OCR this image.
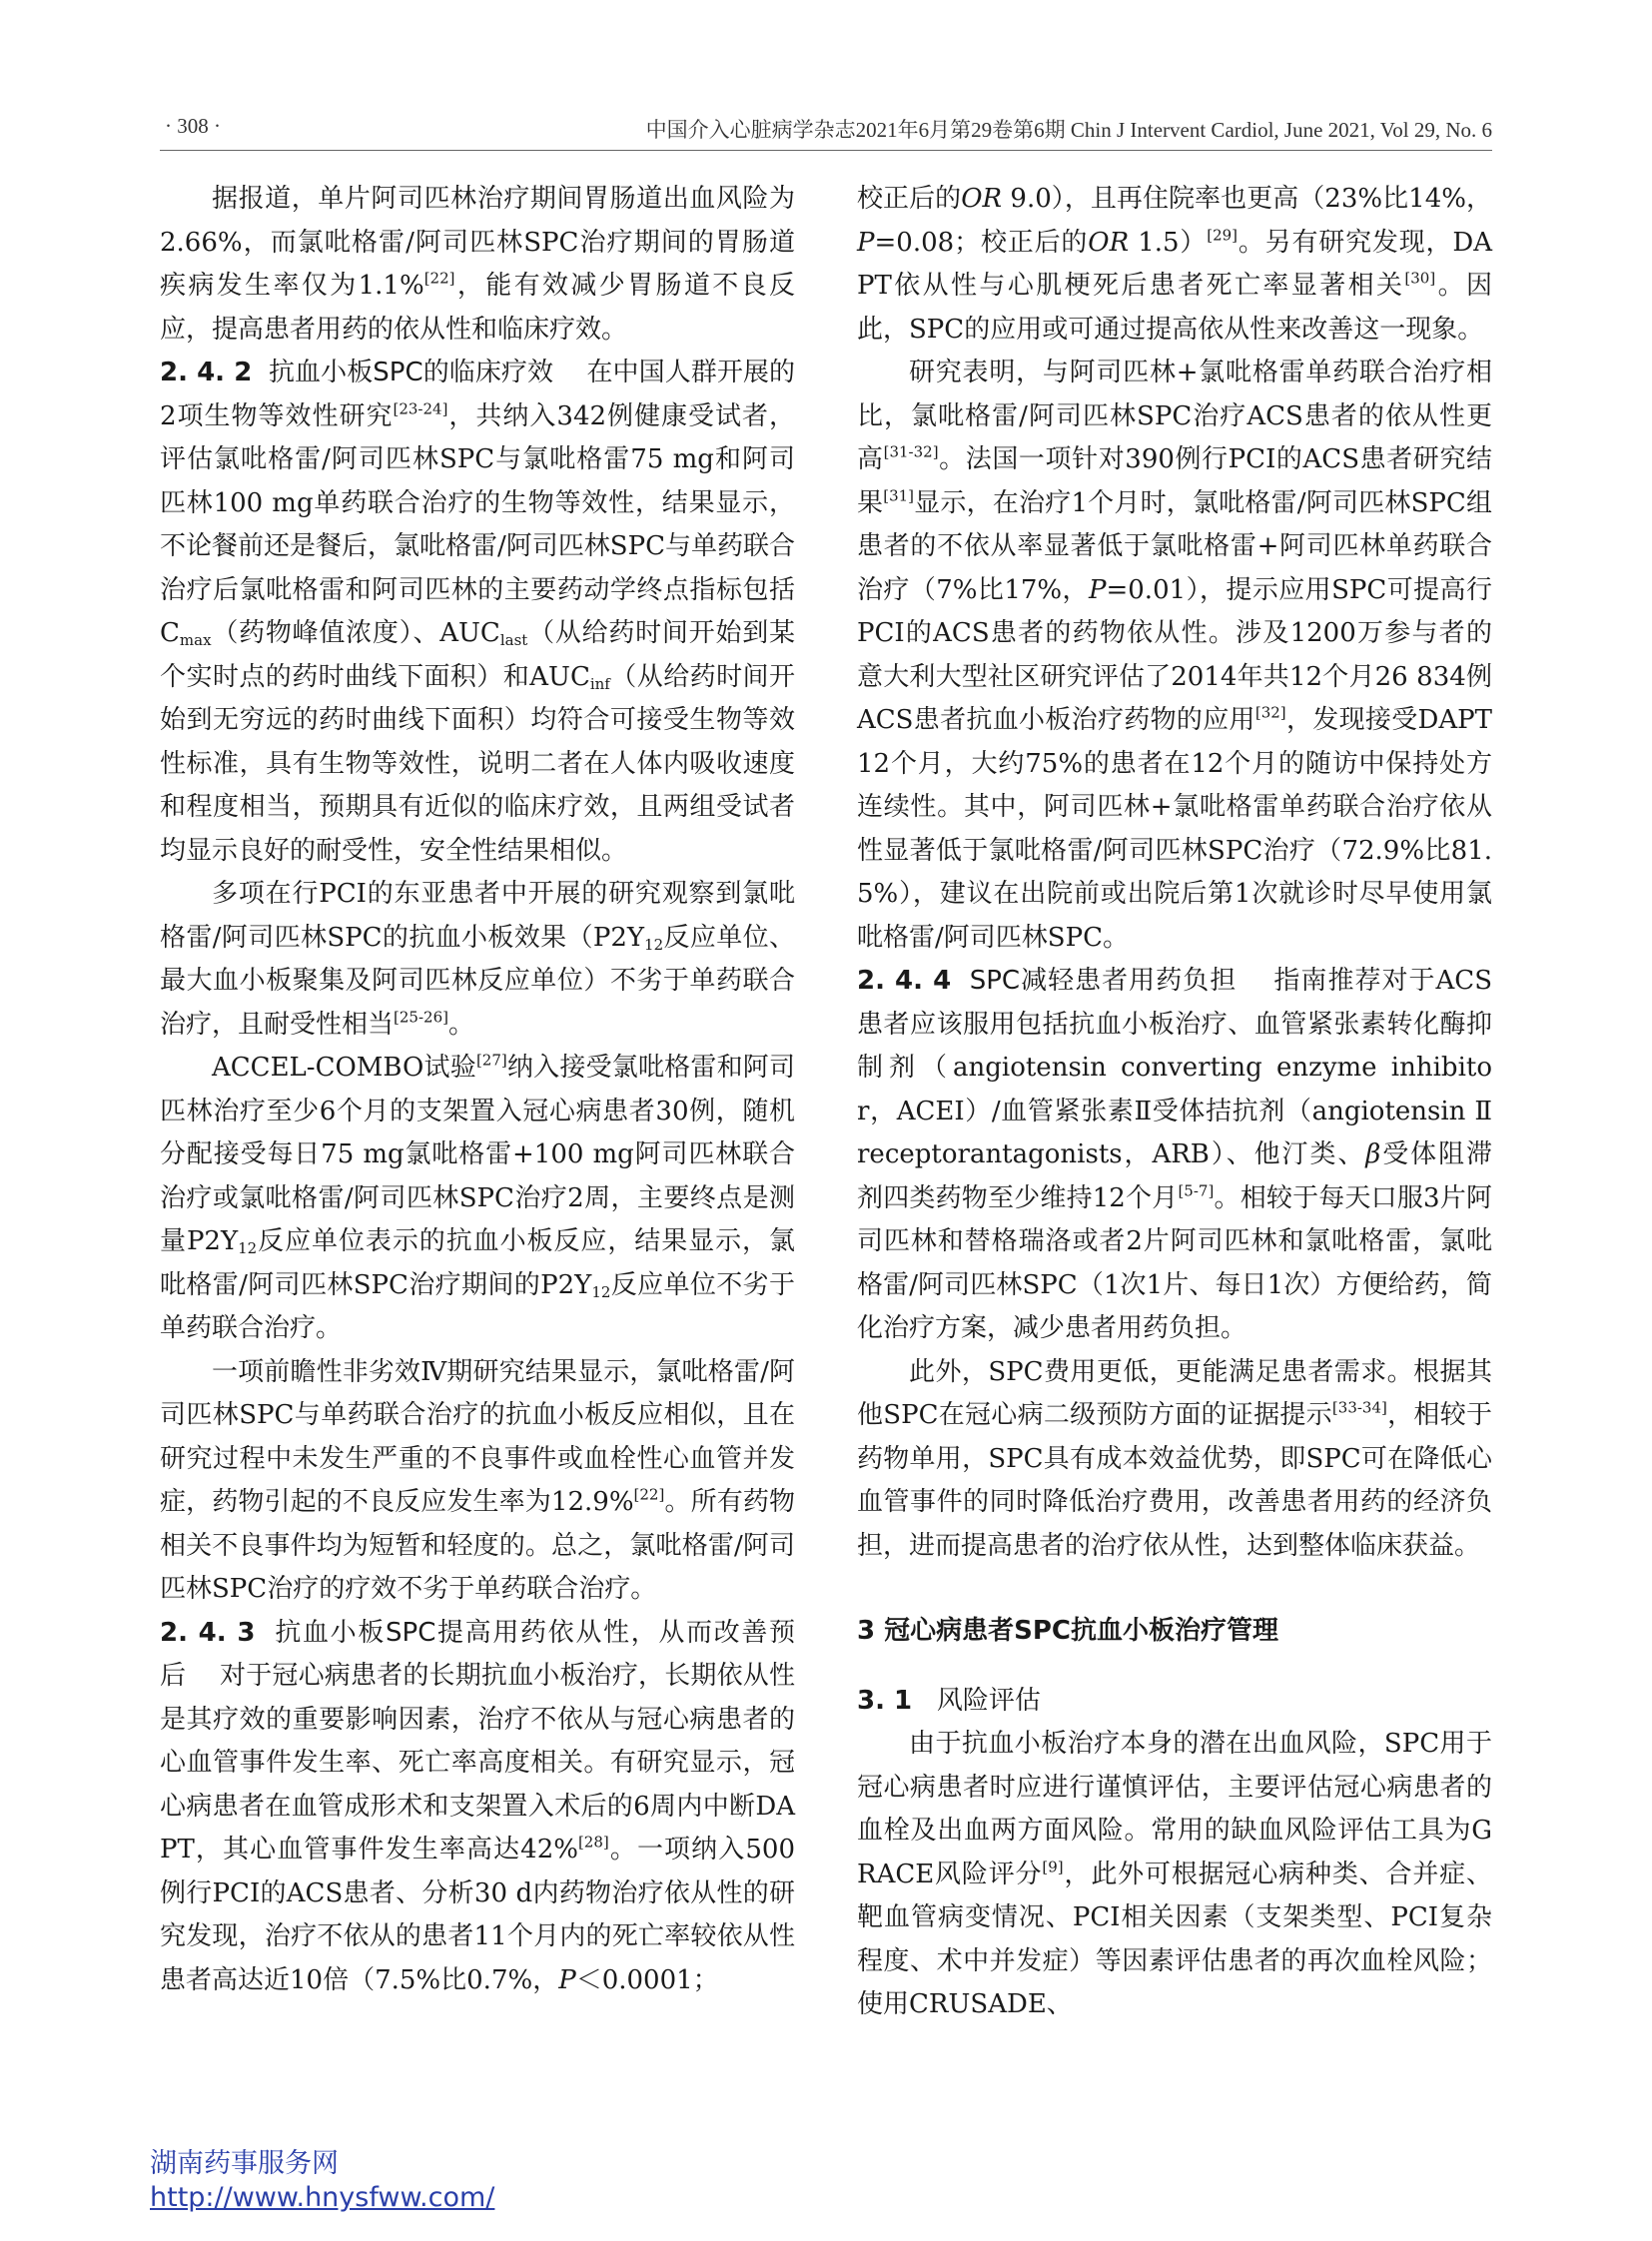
· 308 ·	中国介入心脏病学杂志2021年6月第29卷第6期 Chin J Intervent Cardiol, June 2021, Vol 29, No. 6

据报道，单片阿司匹林治疗期间胃肠道出血风险为2.66%，而氯吡格雷/阿司匹林SPC治疗期间的胃肠道疾病发生率仅为1.1%[22]，能有效减少胃肠道不良反应，提高患者用药的依从性和临床疗效。

2. 4. 2 抗血小板SPC的临床疗效 在中国人群开展的2项生物等效性研究[23-24]，共纳入342例健康受试者，评估氯吡格雷/阿司匹林SPC与氯吡格雷75 mg和阿司匹林100 mg单药联合治疗的生物等效性，结果显示，不论餐前还是餐后，氯吡格雷/阿司匹林SPC与单药联合治疗后氯吡格雷和阿司匹林的主要药动学终点指标包括$C_{max}$（药物峰值浓度）、$AUC_{last}$（从给药时间开始到某个实时点的药时曲线下面积）和$AUC_{inf}$（从给药时间开始到无穷远的药时曲线下面积）均符合可接受生物等效性标准，具有生物等效性，说明二者在人体内吸收速度和程度相当，预期具有近似的临床疗效，且两组受试者均显示良好的耐受性，安全性结果相似。

多项在行PCI的东亚患者中开展的研究观察到氯吡格雷/阿司匹林SPC的抗血小板效果（$P2Y_{12}$反应单位、最大血小板聚集及阿司匹林反应单位）不劣于单药联合治疗，且耐受性相当[25-26]。

ACCEL-COMBO试验[27]纳入接受氯吡格雷和阿司匹林治疗至少6个月的支架置入冠心病患者30例，随机分配接受每日75 mg氯吡格雷+100 mg阿司匹林联合治疗或氯吡格雷/阿司匹林SPC治疗2周，主要终点是测量$P2Y_{12}$反应单位表示的抗血小板反应，结果显示，氯吡格雷/阿司匹林SPC治疗期间的$P2Y_{12}$反应单位不劣于单药联合治疗。

一项前瞻性非劣效Ⅳ期研究结果显示，氯吡格雷/阿司匹林SPC与单药联合治疗的抗血小板反应相似，且在研究过程中未发生严重的不良事件或血栓性心血管并发症，药物引起的不良反应发生率为12.9%[22]。所有药物相关不良事件均为短暂和轻度的。总之，氯吡格雷/阿司匹林SPC治疗的疗效不劣于单药联合治疗。

2. 4. 3 抗血小板SPC提高用药依从性，从而改善预后 对于冠心病患者的长期抗血小板治疗，长期依从性是其疗效的重要影响因素，治疗不依从与冠心病患者的心血管事件发生率、死亡率高度相关。有研究显示，冠心病患者在血管成形术和支架置入术后的6周内中断DAPT，其心血管事件发生率高达42%[28]。一项纳入500例行PCI的ACS患者、分析30 d内药物治疗依从性的研究发现，治疗不依从的患者11个月内的死亡率较依从性患者高达近10倍（7.5%比0.7%，P＜0.0001；

校正后的OR 9.0），且再住院率也更高（23%比14%，P=0.08；校正后的OR 1.5）[29]。另有研究发现，DAPT依从性与心肌梗死后患者死亡率显著相关[30]。因此，SPC的应用或可通过提高依从性来改善这一现象。

研究表明，与阿司匹林+氯吡格雷单药联合治疗相比，氯吡格雷/阿司匹林SPC治疗ACS患者的依从性更高[31-32]。法国一项针对390例行PCI的ACS患者研究结果[31]显示，在治疗1个月时，氯吡格雷/阿司匹林SPC组患者的不依从率显著低于氯吡格雷+阿司匹林单药联合治疗（7%比17%，P=0.01），提示应用SPC可提高行PCI的ACS患者的药物依从性。涉及1200万参与者的意大利大型社区研究评估了2014年共12个月26 834例ACS患者抗血小板治疗药物的应用[32]，发现接受DAPT 12个月，大约75%的患者在12个月的随访中保持处方连续性。其中，阿司匹林+氯吡格雷单药联合治疗依从性显著低于氯吡格雷/阿司匹林SPC治疗（72.9%比81.5%），建议在出院前或出院后第1次就诊时尽早使用氯吡格雷/阿司匹林SPC。

2. 4. 4 SPC减轻患者用药负担 指南推荐对于ACS患者应该服用包括抗血小板治疗、血管紧张素转化酶抑制剂（angiotensin converting enzyme inhibitor，ACEI）/血管紧张素Ⅱ受体拮抗剂（angiotensin Ⅱ receptorantagonists，ARB）、他汀类、β受体阻滞剂四类药物至少维持12个月[5-7]。相较于每天口服3片阿司匹林和替格瑞洛或者2片阿司匹林和氯吡格雷，氯吡格雷/阿司匹林SPC（1次1片、每日1次）方便给药，简化治疗方案，减少患者用药负担。

此外，SPC费用更低，更能满足患者需求。根据其他SPC在冠心病二级预防方面的证据提示[33-34]，相较于药物单用，SPC具有成本效益优势，即SPC可在降低心血管事件的同时降低治疗费用，改善患者用药的经济负担，进而提高患者的治疗依从性，达到整体临床获益。

3 冠心病患者SPC抗血小板治疗管理

3. 1 风险评估

由于抗血小板治疗本身的潜在出血风险，SPC用于冠心病患者时应进行谨慎评估，主要评估冠心病患者的血栓及出血两方面风险。常用的缺血风险评估工具为GRACE风险评分[9]，此外可根据冠心病种类、合并症、靶血管病变情况、PCI相关因素（支架类型、PCI复杂程度、术中并发症）等因素评估患者的再次血栓风险；使用CRUSADE、

湖南药事服务网
http://www.hnysfww.com/
